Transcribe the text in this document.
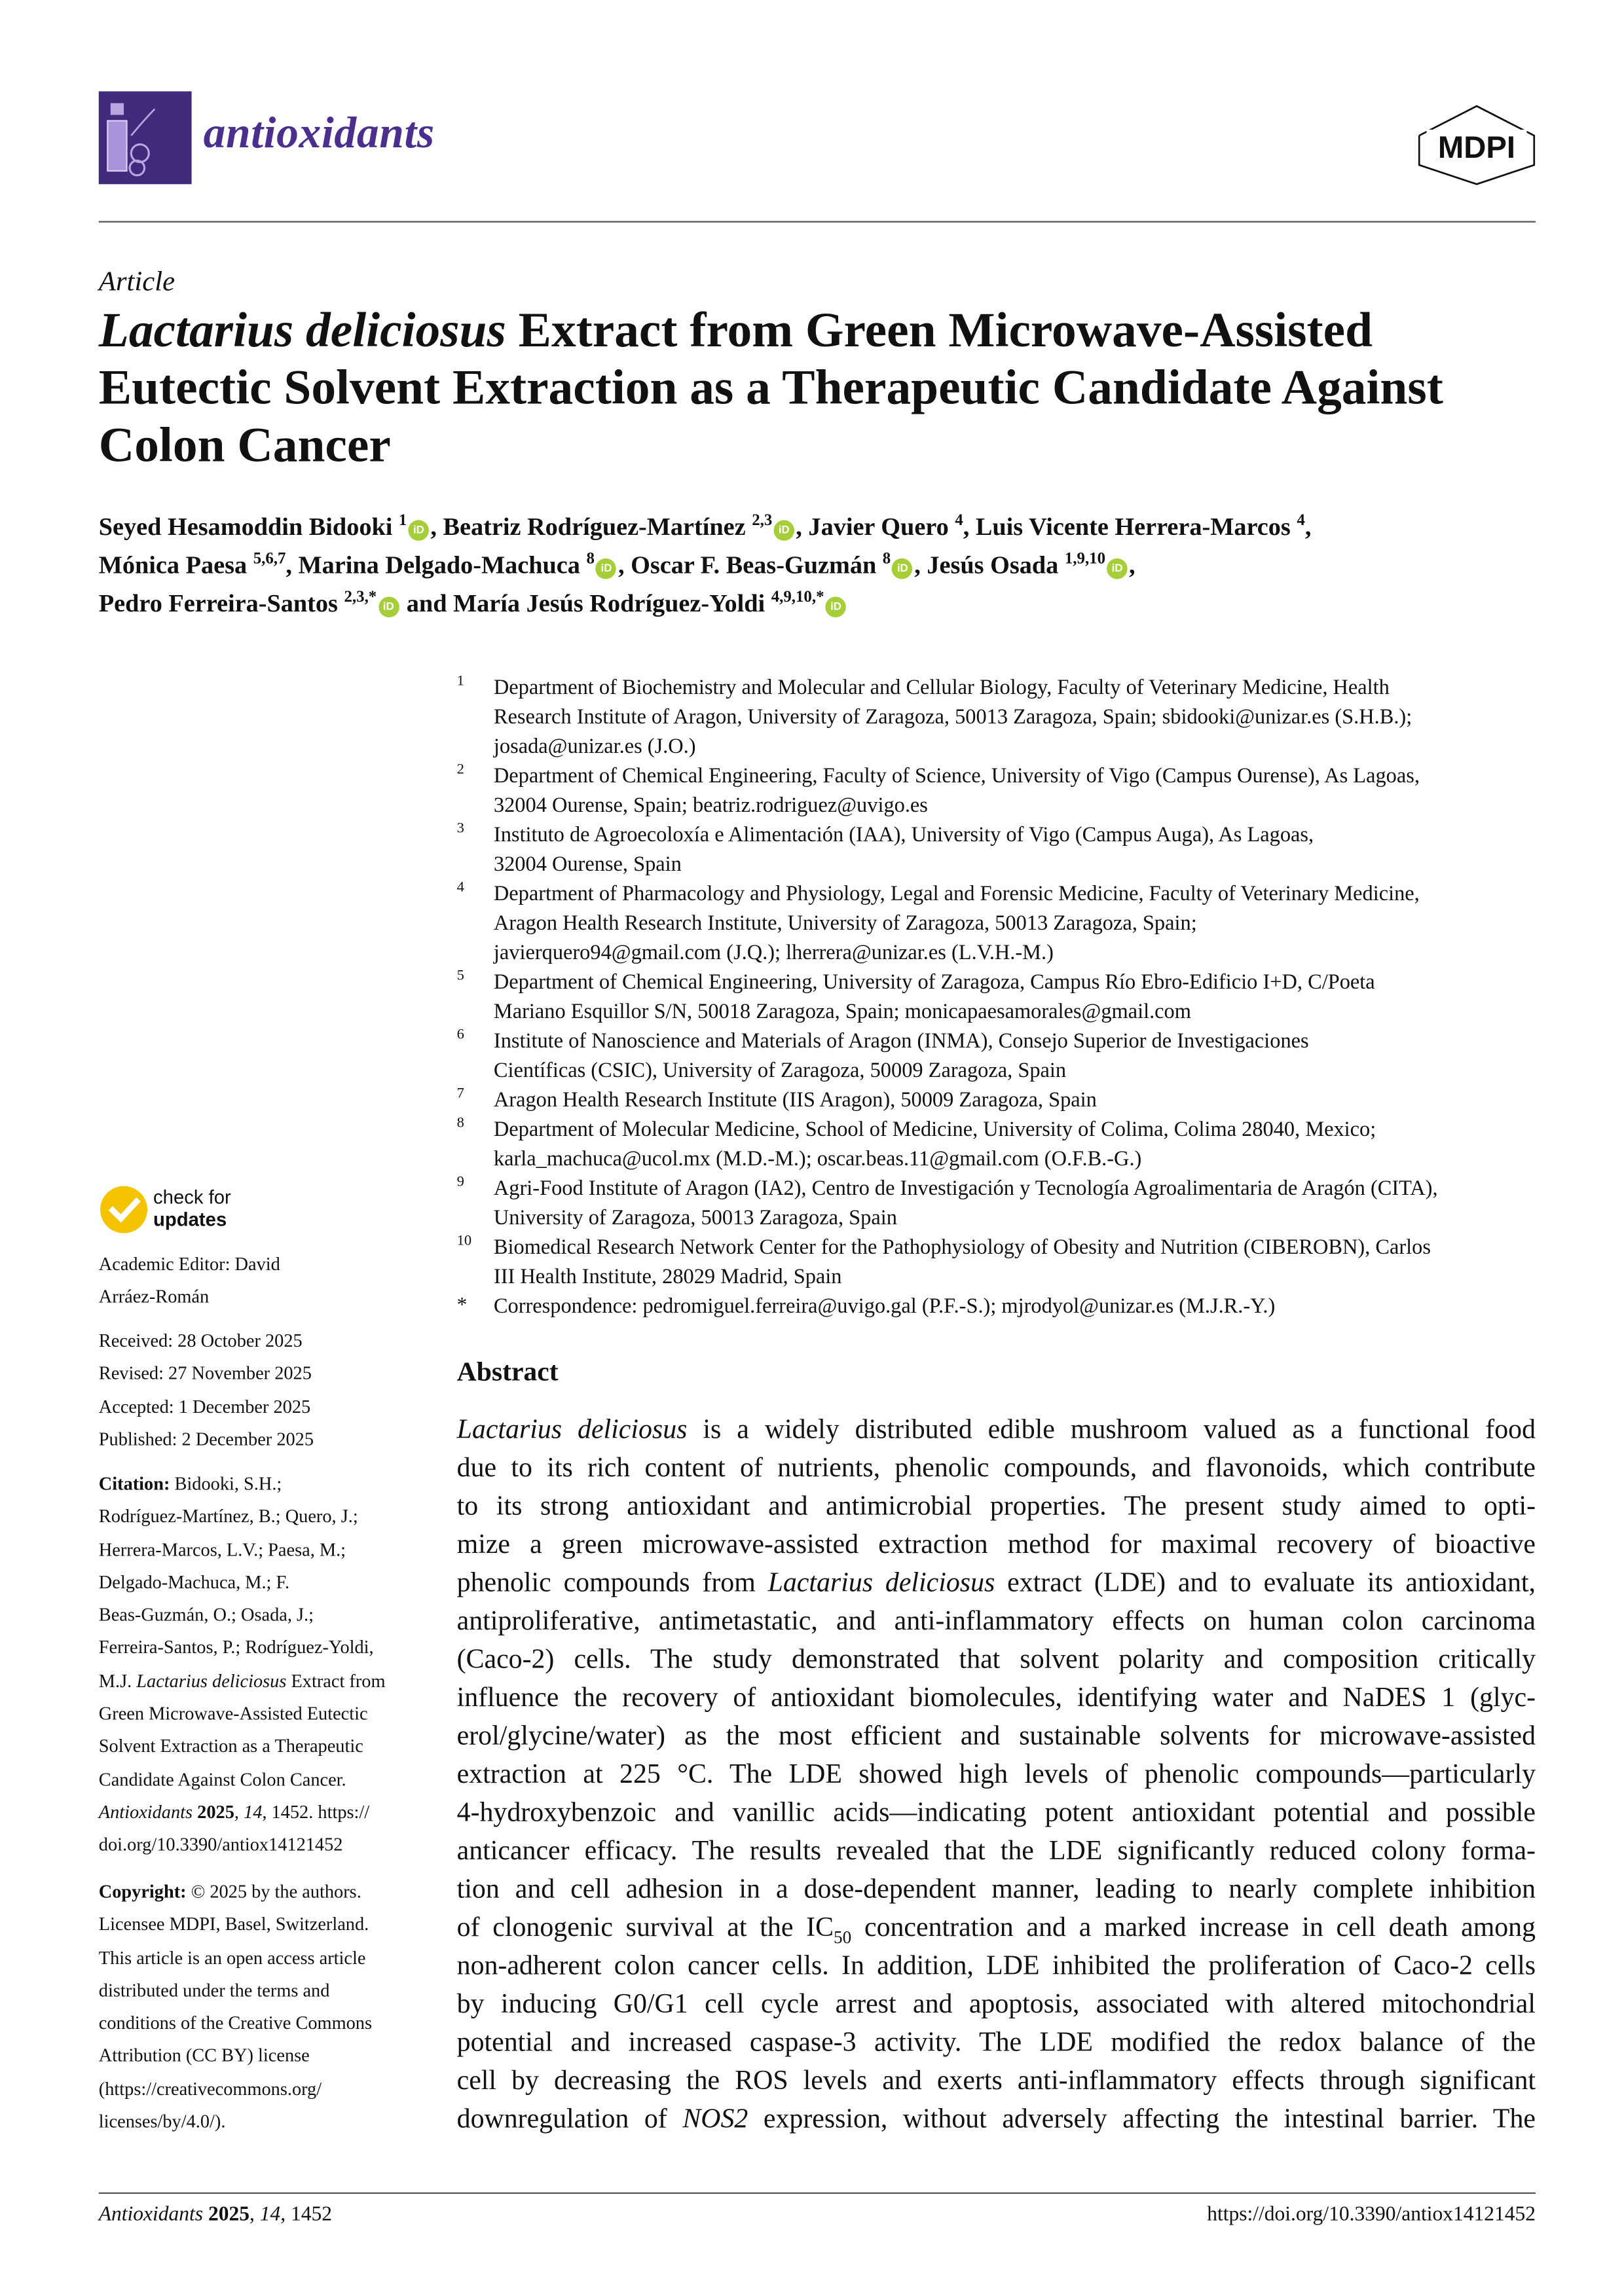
antioxidants	MDPI
Article
Lactarius deliciosus Extract from Green Microwave-Assisted
Eutectic Solvent Extraction as a Therapeutic Candidate Against
Colon Cancer
Seyed Hesamoddin Bidooki $^1$iD , Beatriz Rodríguez-Martínez $^{2,3}$iD , Javier Quero $^4$, Luis Vicente Herrera-Marcos $^4$,
Mónica Paesa $^{5,6,7}$, Marina Delgado-Machuca $^8$iD , Oscar F. Beas-Guzmán $^8$iD , Jesús Osada $^{1,9,10}$iD ,
Pedro Ferreira-Santos $^{2,3,*}$iD and María Jesús Rodríguez-Yoldi $^{4,9,10,*}$iD
1	Department of Biochemistry and Molecular and Cellular Biology, Faculty of Veterinary Medicine, Health
Research Institute of Aragon, University of Zaragoza, 50013 Zaragoza, Spain; sbidooki@unizar.es (S.H.B.);
josada@unizar.es (J.O.)
2	Department of Chemical Engineering, Faculty of Science, University of Vigo (Campus Ourense), As Lagoas,
32004 Ourense, Spain; beatriz.rodriguez@uvigo.es
3	Instituto de Agroecoloxía e Alimentación (IAA), University of Vigo (Campus Auga), As Lagoas,
32004 Ourense, Spain
4	Department of Pharmacology and Physiology, Legal and Forensic Medicine, Faculty of Veterinary Medicine,
Aragon Health Research Institute, University of Zaragoza, 50013 Zaragoza, Spain;
javierquero94@gmail.com (J.Q.); lherrera@unizar.es (L.V.H.-M.)
5	Department of Chemical Engineering, University of Zaragoza, Campus Río Ebro-Edificio I+D, C/Poeta
Mariano Esquillor S/N, 50018 Zaragoza, Spain; monicapaesamorales@gmail.com
6	Institute of Nanoscience and Materials of Aragon (INMA), Consejo Superior de Investigaciones
Científicas (CSIC), University of Zaragoza, 50009 Zaragoza, Spain
7	Aragon Health Research Institute (IIS Aragon), 50009 Zaragoza, Spain
8	Department of Molecular Medicine, School of Medicine, University of Colima, Colima 28040, Mexico;
karla_machuca@ucol.mx (M.D.-M.); oscar.beas.11@gmail.com (O.F.B.-G.)
9	Agri-Food Institute of Aragon (IA2), Centro de Investigación y Tecnología Agroalimentaria de Aragón (CITA),
University of Zaragoza, 50013 Zaragoza, Spain
10 Biomedical Research Network Center for the Pathophysiology of Obesity and Nutrition (CIBEROBN), Carlos
III Health Institute, 28029 Madrid, Spain
*	Correspondence: pedromiguel.ferreira@uvigo.gal (P.F.-S.); mjrodyol@unizar.es (M.J.R.-Y.)
check for
updates
Academic Editor: David
Arráez-Román
Received: 28 October 2025
Revised: 27 November 2025
Accepted: 1 December 2025
Published: 2 December 2025
Citation: Bidooki, S.H.;
Rodríguez-Martínez, B.; Quero, J.;
Herrera-Marcos, L.V.; Paesa, M.;
Delgado-Machuca, M.; F.
Beas-Guzmán, O.; Osada, J.;
Ferreira-Santos, P.; Rodríguez-Yoldi,
M.J. Lactarius deliciosus Extract from
Green Microwave-Assisted Eutectic
Solvent Extraction as a Therapeutic
Candidate Against Colon Cancer.
Antioxidants 2025, 14, 1452. https://
doi.org/10.3390/antiox14121452
Copyright: © 2025 by the authors.
Licensee MDPI, Basel, Switzerland.
This article is an open access article
distributed under the terms and
conditions of the Creative Commons
Attribution (CC BY) license
(https://creativecommons.org/
licenses/by/4.0/).
Abstract
Lactarius deliciosus is a widely distributed edible mushroom valued as a functional food
due to its rich content of nutrients, phenolic compounds, and flavonoids, which contribute
to its strong antioxidant and antimicrobial properties. The present study aimed to opti-
mize a green microwave-assisted extraction method for maximal recovery of bioactive
phenolic compounds from Lactarius deliciosus extract (LDE) and to evaluate its antioxidant,
antiproliferative, antimetastatic, and anti-inflammatory effects on human colon carcinoma
(Caco-2) cells. The study demonstrated that solvent polarity and composition critically
influence the recovery of antioxidant biomolecules, identifying water and NaDES 1 (glyc-
erol/glycine/water) as the most efficient and sustainable solvents for microwave-assisted
extraction at 225 °C. The LDE showed high levels of phenolic compounds—particularly
4-hydroxybenzoic and vanillic acids—indicating potent antioxidant potential and possible
anticancer efficacy. The results revealed that the LDE significantly reduced colony forma-
tion and cell adhesion in a dose-dependent manner, leading to nearly complete inhibition
of clonogenic survival at the $IC_{50}$ concentration and a marked increase in cell death among
non-adherent colon cancer cells. In addition, LDE inhibited the proliferation of Caco-2 cells
by inducing G0/G1 cell cycle arrest and apoptosis, associated with altered mitochondrial
potential and increased caspase-3 activity. The LDE modified the redox balance of the
cell by decreasing the ROS levels and exerts anti-inflammatory effects through significant
downregulation of NOS2 expression, without adversely affecting the intestinal barrier. The
Antioxidants 2025, 14, 1452	https://doi.org/10.3390/antiox14121452
